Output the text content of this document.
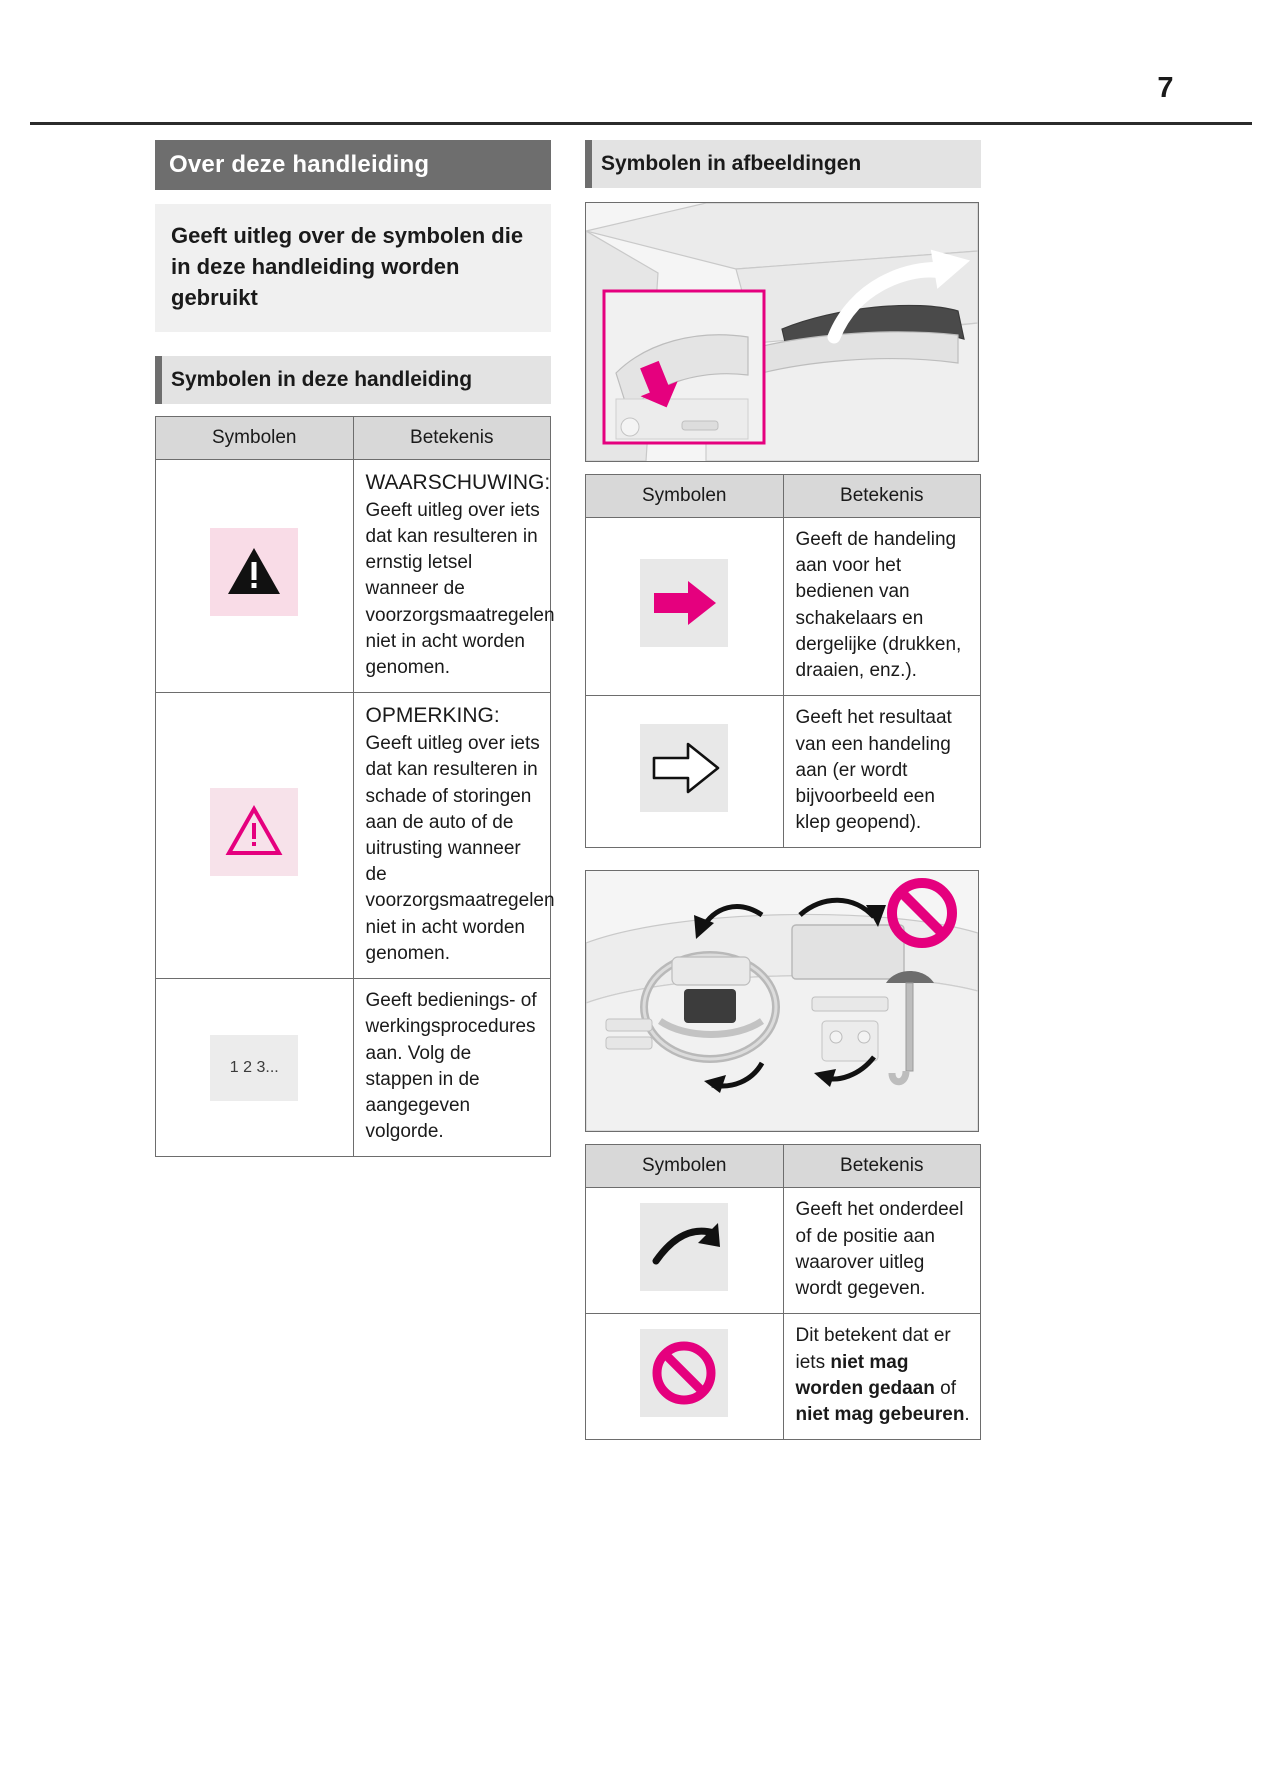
7
Over deze handleiding
Geeft uitleg over de symbolen die in deze handleiding worden gebruikt
Symbolen in deze handleiding
Symbolen	Betekenis

WAARSCHUWING:
Geeft uitleg over iets dat kan resulteren in ernstig letsel wanneer de voorzorgsmaatregelen niet in acht worden genomen.

OPMERKING:
Geeft uitleg over iets dat kan resulteren in schade of storingen aan de auto of de uitrusting wanneer de voorzorgsmaatregelen niet in acht worden genomen.

1 2 3...	Geeft bedienings- of werkingsprocedures aan. Volg de stappen in de aangegeven volgorde.
Symbolen in afbeeldingen
Symbolen	Betekenis

	Geeft de handeling aan voor het bedienen van schakelaars en dergelijke (drukken, draaien, enz.).

	Geeft het resultaat van een handeling aan (er wordt bijvoorbeeld een klep geopend).
Symbolen	Betekenis

	Geeft het onderdeel of de positie aan waarover uitleg wordt gegeven.

	Dit betekent dat er iets niet mag worden gedaan of niet mag gebeuren.
